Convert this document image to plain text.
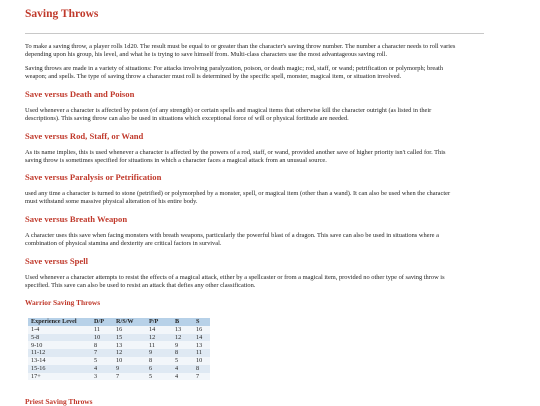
Saving Throws
To make a saving throw, a player rolls 1d20. The result must be equal to or greater than the character's saving throw number. The number a character needs to roll varies depending upon his group, his level, and what he is trying to save himself from. Multi-class characters use the most advantageous saving roll.
Saving throws are made in a variety of situations: For attacks involving paralyzation, poison, or death magic; rod, staff, or wand; petrification or polymorph; breath weapon; and spells. The type of saving throw a character must roll is determined by the specific spell, monster, magical item, or situation involved.
Save versus Death and Poison
Used whenever a character is affected by poison (of any strength) or certain spells and magical items that otherwise kill the character outright (as listed in their descriptions). This saving throw can also be used in situations which exceptional force of will or physical fortitude are needed.
Save versus Rod, Staff, or Wand
As its name implies, this is used whenever a character is affected by the powers of a rod, staff, or wand, provided another save of higher priority isn't called for. This saving throw is sometimes specified for situations in which a character faces a magical attack from an unusual source.
Save versus Paralysis or Petrification
used any time a character is turned to stone (petrified) or polymorphed by a monster, spell, or magical item (other than a wand). It can also be used when the character must withstand some massive physical alteration of his entire body.
Save versus Breath Weapon
A character uses this save when facing monsters with breath weapons, particularly the powerful blast of a dragon. This save can also be used in situations where a combination of physical stamina and dexterity are critical factors in survival.
Save versus Spell
Used whenever a character attempts to resist the effects of a magical attack, either by a spellcaster or from a magical item, provided no other type of saving throw is specified. This save can also be used to resist an attack that defies any other classification.
Warrior Saving Throws
Experience Level	D/P	R/S/W	P/P	B	S
1-4	11	16	14	13	16
5-8	10	15	12	12	14
9-10	8	13	11	9	13
11-12	7	12	9	8	11
13-14	5	10	8	5	10
15-16	4	9	6	4	8
17+	3	7	5	4	7
Priest Saving Throws
